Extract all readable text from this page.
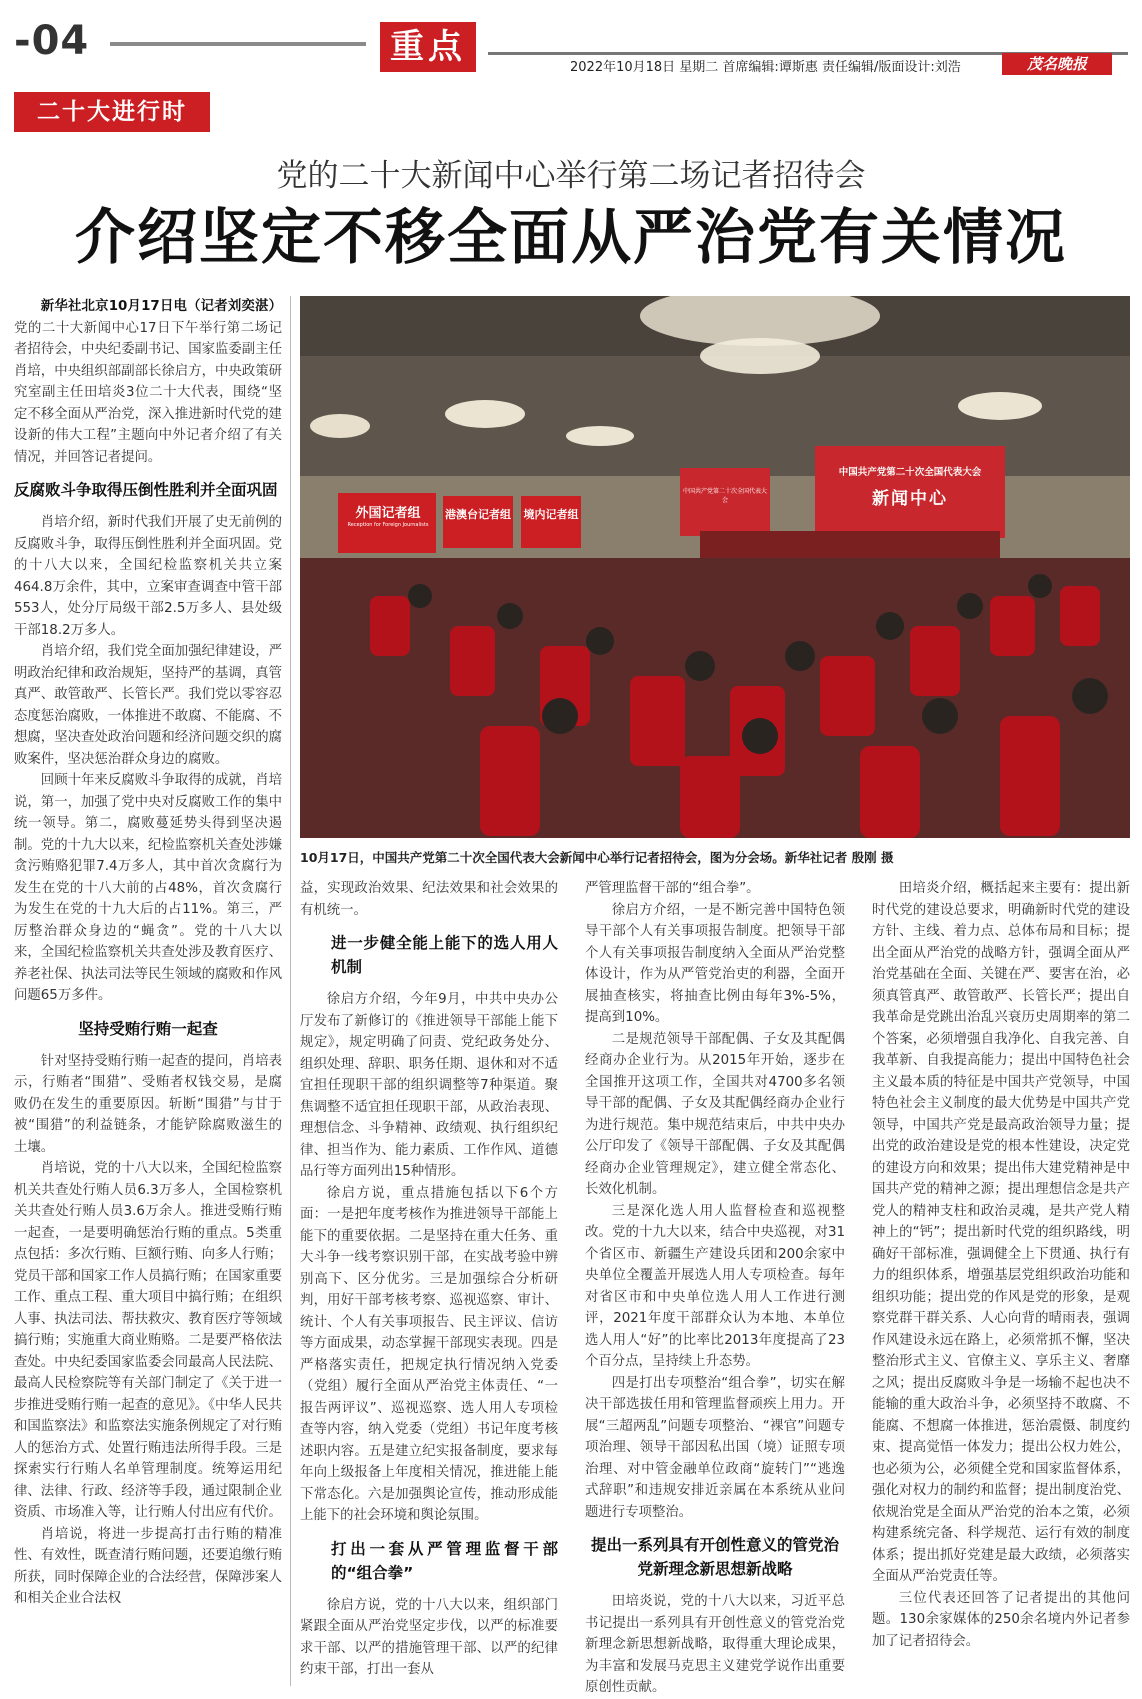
-04	重点
2022年10月18日 星期二 首席编辑:谭斯惠 责任编辑/版面设计:刘浩	茂名晚报
二十大进行时
党的二十大新闻中心举行第二场记者招待会
介绍坚定不移全面从严治党有关情况
外国记者组
Reception for Foreign Journalists
港澳台记者组 境内记者组
中国共产党第二十次全国代表大会
中国共产党第二十次全国代表大会
新闻中心
10月17日，中国共产党第二十次全国代表大会新闻中心举行记者招待会，图为分会场。新华社记者 殷刚 摄

新华社北京10月17日电（记者刘奕湛）党的二十大新闻中心17日下午举行第二场记者招待会，中央纪委副书记、国家监委副主任肖培，中央组织部副部长徐启方，中央政策研究室副主任田培炎3位二十大代表，围绕“坚定不移全面从严治党，深入推进新时代党的建设新的伟大工程”主题向中外记者介绍了有关情况，并回答记者提问。

反腐败斗争取得压倒性胜利并全面巩固

肖培介绍，新时代我们开展了史无前例的反腐败斗争，取得压倒性胜利并全面巩固。党的十八大以来，全国纪检监察机关共立案464.8万余件，其中，立案审查调查中管干部553人，处分厅局级干部2.5万多人、县处级干部18.2万多人。

肖培介绍，我们党全面加强纪律建设，严明政治纪律和政治规矩，坚持严的基调，真管真严、敢管敢严、长管长严。我们党以零容忍态度惩治腐败，一体推进不敢腐、不能腐、不想腐，坚决查处政治问题和经济问题交织的腐败案件，坚决惩治群众身边的腐败。

回顾十年来反腐败斗争取得的成就，肖培说，第一，加强了党中央对反腐败工作的集中统一领导。第二，腐败蔓延势头得到坚决遏制。党的十九大以来，纪检监察机关查处涉嫌贪污贿赂犯罪7.4万多人，其中首次贪腐行为发生在党的十八大前的占48%，首次贪腐行为发生在党的十九大后的占11%。第三，严厉整治群众身边的“蝇贪”。党的十八大以来，全国纪检监察机关共查处涉及教育医疗、养老社保、执法司法等民生领域的腐败和作风问题65万多件。

坚持受贿行贿一起查

针对坚持受贿行贿一起查的提问，肖培表示，行贿者“围猎”、受贿者权钱交易，是腐败仍在发生的重要原因。斩断“围猎”与甘于被“围猎”的利益链条，才能铲除腐败滋生的土壤。

肖培说，党的十八大以来，全国纪检监察机关共查处行贿人员6.3万多人，全国检察机关共查处行贿人员3.6万余人。推进受贿行贿一起查，一是要明确惩治行贿的重点。5类重点包括：多次行贿、巨额行贿、向多人行贿；党员干部和国家工作人员搞行贿；在国家重要工作、重点工程、重大项目中搞行贿；在组织人事、执法司法、帮扶救灾、教育医疗等领域搞行贿；实施重大商业贿赂。二是要严格依法查处。中央纪委国家监委会同最高人民法院、最高人民检察院等有关部门制定了《关于进一步推进受贿行贿一起查的意见》。《中华人民共和国监察法》和监察法实施条例规定了对行贿人的惩治方式、处置行贿违法所得手段。三是探索实行行贿人名单管理制度。统筹运用纪律、法律、行政、经济等手段，通过限制企业资质、市场准入等，让行贿人付出应有代价。

肖培说，将进一步提高打击行贿的精准性、有效性，既查清行贿问题，还要追缴行贿所获，同时保障企业的合法经营，保障涉案人和相关企业合法权

益，实现政治效果、纪法效果和社会效果的有机统一。

进一步健全能上能下的选人用人机制

徐启方介绍，今年9月，中共中央办公厅发布了新修订的《推进领导干部能上能下规定》，规定明确了问责、党纪政务处分、组织处理、辞职、职务任期、退休和对不适宜担任现职干部的组织调整等7种渠道。聚焦调整不适宜担任现职干部，从政治表现、理想信念、斗争精神、政绩观、执行组织纪律、担当作为、能力素质、工作作风、道德品行等方面列出15种情形。

徐启方说，重点措施包括以下6个方面：一是把年度考核作为推进领导干部能上能下的重要依据。二是坚持在重大任务、重大斗争一线考察识别干部，在实战考验中辨别高下、区分优劣。三是加强综合分析研判，用好干部考核考察、巡视巡察、审计、统计、个人有关事项报告、民主评议、信访等方面成果，动态掌握干部现实表现。四是严格落实责任，把规定执行情况纳入党委（党组）履行全面从严治党主体责任、“一报告两评议”、巡视巡察、选人用人专项检查等内容，纳入党委（党组）书记年度考核述职内容。五是建立纪实报备制度，要求每年向上级报备上年度相关情况，推进能上能下常态化。六是加强舆论宣传，推动形成能上能下的社会环境和舆论氛围。

打出一套从严管理监督干部的“组合拳”

徐启方说，党的十八大以来，组织部门紧跟全面从严治党坚定步伐，以严的标准要求干部、以严的措施管理干部、以严的纪律约束干部，打出一套从

严管理监督干部的“组合拳”。

徐启方介绍，一是不断完善中国特色领导干部个人有关事项报告制度。把领导干部个人有关事项报告制度纳入全面从严治党整体设计，作为从严管党治吏的利器，全面开展抽查核实，将抽查比例由每年3%-5%，提高到10%。

二是规范领导干部配偶、子女及其配偶经商办企业行为。从2015年开始，逐步在全国推开这项工作，全国共对4700多名领导干部的配偶、子女及其配偶经商办企业行为进行规范。集中规范结束后，中共中央办公厅印发了《领导干部配偶、子女及其配偶经商办企业管理规定》，建立健全常态化、长效化机制。

三是深化选人用人监督检查和巡视整改。党的十九大以来，结合中央巡视，对31个省区市、新疆生产建设兵团和200余家中央单位全覆盖开展选人用人专项检查。每年对省区市和中央单位选人用人工作进行测评，2021年度干部群众认为本地、本单位选人用人“好”的比率比2013年度提高了23个百分点，呈持续上升态势。

四是打出专项整治“组合拳”，切实在解决干部选拔任用和管理监督顽疾上用力。开展“三超两乱”问题专项整治、“裸官”问题专项治理、领导干部因私出国（境）证照专项治理、对中管金融单位政商“旋转门”“逃逸式辞职”和违规安排近亲属在本系统从业问题进行专项整治。

提出一系列具有开创性意义的管党治党新理念新思想新战略

田培炎说，党的十八大以来，习近平总书记提出一系列具有开创性意义的管党治党新理念新思想新战略，取得重大理论成果，为丰富和发展马克思主义建党学说作出重要原创性贡献。

田培炎介绍，概括起来主要有：提出新时代党的建设总要求，明确新时代党的建设方针、主线、着力点、总体布局和目标；提出全面从严治党的战略方针，强调全面从严治党基础在全面、关键在严、要害在治，必须真管真严、敢管敢严、长管长严；提出自我革命是党跳出治乱兴衰历史周期率的第二个答案，必须增强自我净化、自我完善、自我革新、自我提高能力；提出中国特色社会主义最本质的特征是中国共产党领导，中国特色社会主义制度的最大优势是中国共产党领导，中国共产党是最高政治领导力量；提出党的政治建设是党的根本性建设，决定党的建设方向和效果；提出伟大建党精神是中国共产党的精神之源；提出理想信念是共产党人的精神支柱和政治灵魂，是共产党人精神上的“钙”；提出新时代党的组织路线，明确好干部标准，强调健全上下贯通、执行有力的组织体系，增强基层党组织政治功能和组织功能；提出党的作风是党的形象，是观察党群干群关系、人心向背的晴雨表，强调作风建设永远在路上，必须常抓不懈，坚决整治形式主义、官僚主义、享乐主义、奢靡之风；提出反腐败斗争是一场输不起也决不能输的重大政治斗争，必须坚持不敢腐、不能腐、不想腐一体推进，惩治震慑、制度约束、提高觉悟一体发力；提出公权力姓公，也必须为公，必须健全党和国家监督体系，强化对权力的制约和监督；提出制度治党、依规治党是全面从严治党的治本之策，必须构建系统完备、科学规范、运行有效的制度体系；提出抓好党建是最大政绩，必须落实全面从严治党责任等。

三位代表还回答了记者提出的其他问题。130余家媒体的250余名境内外记者参加了记者招待会。
